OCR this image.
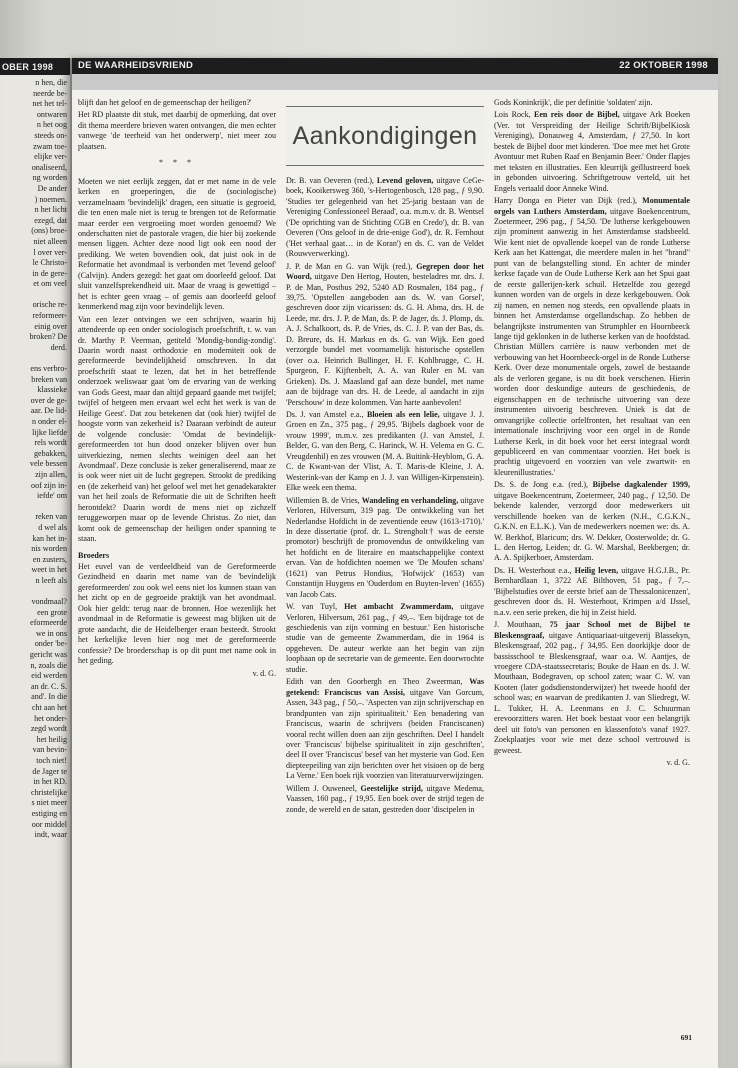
OBER 1998
n hen, die
neerde be-
net het tel-
ontwaren
n het oog
steeds on-
zwam toe-
elijke ver-
onaliseerd,
ng worden
De ander
) noemen.
n het licht
ezegd, dat
(ons) broe-
niet alleen
l over ver-
le Christo-
in de gere-
et om veel

orische re-
reformeer-
einig over
broken? De
derd.

ens verbro-
breken van
klassieke
over de ge-
aar. De lid-
n onder el-
lijke liefde
rels wordt
gebakken,
vele bessen
zijn allen,
oof zijn in-
iefde' om

reken van
d wel als
kan het in-
nis worden
en zusters,
weet in het
n leeft als

vondmaal?
een grote
eformeerde
we in ons
onder 'be-
gericht was
n, zoals die
eid werden
an dr. C. S.
and'. In die
cht aan het
het onder-
zegd wordt
het heilig
van bevin-
toch niet!
de Jager te
in het RD.
christelijke
s niet meer
estiging en
oor middel
indt, waar
DE WAARHEIDSVRIEND	22 OKTOBER 1998

blijft dan het geloof en de gemeenschap der heiligen?'

Het RD plaatste dit stuk, met daarbij de opmerking, dat over dit thema meerdere brieven waren ontvangen, die men echter vanwege 'de teerheid van het onderwerp', niet meer zou plaatsen.

* * *

Moeten we niet eerlijk zeggen, dat er met name in de vele kerken en groeperingen, die de (sociologische) verzamelnaam 'bevindelijk' dragen, een situatie is gegroeid, die ten enen male niet is terug te brengen tot de Reformatie maar eerder een vergroeiing moet worden genoemd? We onderschatten niet de pastorale vragen, die hier bij zoekende mensen liggen. Achter deze nood ligt ook een nood der prediking. We weten bovendien ook, dat juist ook in de Reformatie het avondmaal is verbonden met 'levend geloof' (Calvijn). Anders gezegd: het gaat om doorleefd geloof. Dat sluit vanzelfsprekendheid uit. Maar de vraag is gewettigd – het is echter geen vraag – of gemis aan doorleefd geloof kenmerkend mag zijn voor bevindelijk leven.

Van een lezer ontvingen we een schrijven, waarin hij attendeerde op een onder sociologisch proefschrift, t. w. van dr. Marthy P. Veerman, getiteld 'Mondig-bondig-zondig'. Daarin wordt naast orthodoxie en moderniteit ook de gereformeerde bevindelijkheid omschreven. In dat proefschrift staat te lezen, dat het in het betreffende onderzoek weliswaar gaat 'om de ervaring van de werking van Gods Geest, maar dan altijd gepaard gaande met twijfel; twijfel of hetgeen men ervaart wel echt het werk is van de Heilige Geest'. Dat zou betekenen dat (ook hier) twijfel de hoogste vorm van zekerheid is? Daaraan verbindt de auteur de volgende conclusie: 'Omdat de bevindelijk-gereformeerden tot hun dood onzeker blijven over hun uitverkiezing, nemen slechts weinigen deel aan het Avondmaal'. Deze conclusie is zeker generaliserend, maar ze is ook weer niet uit de lucht gegrepen. Strookt de prediking en (de zekerheid van) het geloof wel met het genadekarakter van het heil zoals de Reformatie die uit de Schriften heeft herontdekt? Daarin wordt de mens niet op zichzelf teruggeworpen maar op de levende Christus. Zo niet, dan komt ook de gemeenschap der heiligen onder spanning te staan.

Broeders

Het euvel van de verdeeldheid van de Gereformeerde Gezindheid en daarin met name van de 'bevindelijk gereformeerden' zou ook wel eens niet los kunnen staan van het zicht op en de gegroeide praktijk van het avondmaal. Ook hier geldt: terug naar de bronnen. Hoe wezenlijk het avondmaal in de Reformatie is geweest mag blijken uit de grote aandacht, die de Heidelberger eraan besteedt. Strookt het kerkelijke leven hier nog met de gereformeerde confessie? De broederschap is op dit punt met name ook in het geding.

v. d. G.
Aankondigingen

Dr. B. van Oeveren (red.), Levend geloven, uitgave CeGe-boek, Kooikersweg 360, 's-Hertogenbosch, 128 pag., ƒ 9,90. 'Studies ter gelegenheid van het 25-jarig bestaan van de Vereniging Confessioneel Beraad', o.a. m.m.v. dr. B. Wentsel ('De oprichting van de Stichting CGB en Credo'), dr. B. van Oeveren ('Ons geloof in de drie-enige God'), dr. R. Fernhout ('Het verhaal gaat… in de Koran') en ds. C. van de Veldet (Rouwverwerking).

J. P. de Man en G. van Wijk (red.), Gegrepen door het Woord, uitgave Den Hertog, Houten, besteladres mr. drs. J. P. de Man, Postbus 292, 5240 AD Rosmalen, 184 pag., ƒ 39,75. 'Opstellen aangeboden aan ds. W. van Gorsel', geschreven door zijn vicarissen: ds. G. H. Abma, drs. H. de Leede, mr. drs. J. P. de Man, ds. P. de Jager, ds. J. Plomp, ds. A. J. Schalkoort, ds. P. de Vries, ds. C. J. P. van der Bas, ds. D. Breure, ds. H. Markus en ds. G. van Wijk. Een goed verzorgde bundel met voornamelijk historische opstellen (over o.a. Heinrich Bullinger, H. F. Kohlbrugge, C. H. Spurgeon, F. Kijftenbelt, A. A. van Ruler en M. van Grieken). Ds. J. Maasland gaf aan deze bundel, met name aan de bijdrage van drs. H. de Leede, al aandacht in zijn 'Perschouw' in deze kolommen. Van harte aanbevolen!

Ds. J. van Amstel e.a., Bloeien als een lelie, uitgave J. J. Groen en Zn., 375 pag., ƒ 29,95. 'Bijbels dagboek voor de vrouw 1999', m.m.v. zes predikanten (J. van Amstel, J. Belder, G. van den Berg, C. Harinck, W. H. Velema en G. C. Vreugdenhil) en zes vrouwen (M. A. Buitink-Heyblom, G. A. C. de Kwant-van der Vlist, A. T. Maris-de Kleine, J. A. Westerink-van der Kamp en J. J. van Willigen-Kirpenstein). Elke week een thema.

Willemien B. de Vries, Wandeling en verhandeling, uitgave Verloren, Hilversum, 319 pag. 'De ontwikkeling van het Nederlandse Hofdicht in de zeventiende eeuw (1613-1710).' In deze dissertatie (prof. dr. L. Strengholt† was de eerste promotor) beschrijft de promovendus de ontwikkeling van het hofdicht en de literaire en maatschappelijke context ervan. Van de hofdichten noemen we 'De Moufen schans' (1621) van Petrus Hondius, 'Hofwijck' (1653) van Constantijn Huygens en 'Ouderdom en Buyten-leven' (1655) van Jacob Cats.

W. van Tuyl, Het ambacht Zwammerdam, uitgave Verloren, Hilversum, 261 pag., ƒ 49,–. 'Een bijdrage tot de geschiedenis van zijn vorming en bestuur.' Een historische studie van de gemeente Zwammerdam, die in 1964 is opgeheven. De auteur werkte aan het begin van zijn loopbaan op de secretarie van de gemeente. Een doorwrochte studie.

Edith van den Goorbergh en Theo Zweerman, Was getekend: Franciscus van Assisi, uitgave Van Gorcum, Assen, 343 pag., ƒ 50,–. 'Aspecten van zijn schrijverschap en brandpunten van zijn spiritualiteit.' Een benadering van Franciscus, waarin de schrijvers (beiden Franciscanen) vooral recht willen doen aan zijn geschriften. Deel I handelt over 'Franciscus' bijbelse spiritualiteit in zijn geschriften', deel II over 'Franciscus' besef van het mysterie van God. Een diepteepeiling van zijn berichten over het visioen op de berg La Verne.' Een boek rijk voorzien van literatuurverwijzingen.

Willem J. Ouweneel, Geestelijke strijd, uitgave Medema, Vaassen, 160 pag., ƒ 19,95. Een boek over de strijd tegen de zonde, de wereld en de satan, gestreden door 'discipelen in

Gods Koninkrijk', die per definitie 'soldaten' zijn.

Lois Rock, Een reis door de Bijbel, uitgave Ark Boeken (Ver. tot Verspreiding der Heilige Schrift/BijbelKiosk Vereniging), Donauweg 4, Amsterdam, ƒ 27,50. In kort bestek de Bijbel door met kinderen. 'Doe mee met het Grote Avontuur met Ruben Raaf en Benjamin Beer.' Onder flapjes met teksten en illustraties. Een kleurrijk geïllustreerd boek in gebonden uitvoering. Schriftgetrouw verteld, uit het Engels vertaald door Anneke Wind.

Harry Donga en Pieter van Dijk (red.), Monumentale orgels van Luthers Amsterdam, uitgave Boekencentrum, Zoetermeer, 296 pag., ƒ 54,50. 'De lutherse kerkgebouwen zijn prominent aanwezig in het Amsterdamse stadsbeeld. Wie kent niet de opvallende koepel van de ronde Lutherse Kerk aan het Kattengat, die meerdere malen in het "brand" punt van de belangstelling stond. En achter de minder kerkse façade van de Oude Lutherse Kerk aan het Spui gaat de eerste gallerijen-kerk schuil. Hetzelfde zou gezegd kunnen worden van de orgels in deze kerkgebouwen. Ook zij namen, en nemen nog steeds, een opvallende plaats in binnen het Amsterdamse orgellandschap. Zo hebben de belangrijkste instrumenten van Strumphler en Hoornbeeck lange tijd geklonken in de lutherse kerken van de hoofdstad. Christian Müllers carrière is nauw verbonden met de verbouwing van het Hoornbeeck-orgel in de Ronde Lutherse Kerk. Over deze monumentale orgels, zowel de bestaande als de verloren gegane, is nu dit boek verschenen. Hierin worden door deskundige auteurs de geschiedenis, de eigenschappen en de technische uitvoering van deze instrumenten uitvoerig beschreven. Uniek is dat de omvangrijke collectie orfelfronten, het resultaat van een internationale inschrijving voor een orgel in de Ronde Lutherse Kerk, in dit boek voor het eerst integraal wordt gepubliceerd en van commentaar voorzien. Het boek is prachtig uitgevoerd en voorzien van vele zwartwit- en kleurenillustraties.'

Ds. S. de Jong e.a. (red.), Bijbelse dagkalender 1999, uitgave Boekencentrum, Zoetermeer, 240 pag., ƒ 12,50. De bekende kalender, verzorgd door medewerkers uit verschillende hoeken van de kerken (N.H., C.G.K.N., G.K.N. en E.L.K.). Van de medewerkers noemen we: ds. A. W. Berkhof, Blaricum; drs. W. Dekker, Oosterwolde; dr. G. L. den Hertog, Leiden; dr. G. W. Marshal, Beekbergen; dr. A. A. Spijkerboer, Amsterdam.

Ds. H. Westerhout e.a., Heilig leven, uitgave H.G.J.B., Pr. Bernhardlaan 1, 3722 AE Bilthoven, 51 pag., ƒ 7,–. 'Bijbelstudies over de eerste brief aan de Thessalonicenzen', geschreven door ds. H. Westerhout, Krimpen a/d IJssel, n.a.v. een serie preken, die hij in Zeist hield.

J. Mouthaan, 75 jaar School met de Bijbel te Bleskensgraaf, uitgave Antiquariaat-uitgeverij Blassekyn, Bleskensgraaf, 202 pag., ƒ 34,95. Een doorkijkje door de bassisschool te Bleskensgraaf, waar o.a. W. Aantjes, de vroegere CDA-staatssecretaris; Bouke de Haan en ds. J. W. Mouthaan, Bodegraven, op school zaten; waar C. W. van Kooten (later godsdienstonderwijzer) het tweede hoofd der school was; en waarvan de predikanten J. van Sliedregt, W. L. Tukker, H. A. Leenmans en J. C. Schuurman erevoorzitters waren. Het boek bestaat voor een belangrijk deel uit foto's van personen en klassenfoto's vanaf 1927. Zoekplaatjes voor wie met deze school vertrouwd is geweest.

v. d. G.
691
